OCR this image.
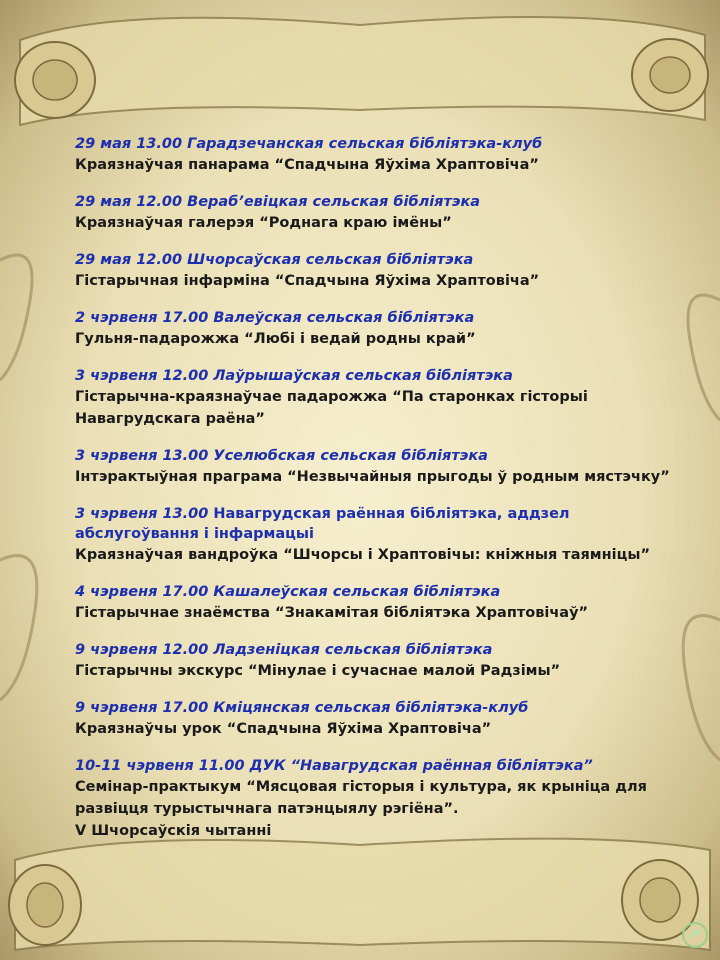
29 мая 13.00 Гарадзечанская сельская бібліятэка-клуб
Краязнаўчая панарама “Спадчына Яўхіма Храптовіча”
29 мая 12.00 Вераб’евіцкая сельская бібліятэка
Краязнаўчая галерэя “Роднага краю імёны”
29 мая 12.00 Шчорсаўская сельская бібліятэка
Гістарычная інфарміна “Спадчына Яўхіма Храптовіча”
2 чэрвеня 17.00 Валеўская сельская бібліятэка
Гульня-падарожжа “Любі і ведай родны край”
3 чэрвеня 12.00 Лаўрышаўская сельская бібліятэка
Гістарычна-краязнаўчае падарожжа “Па старонках гісторыі Навагрудскага раёна”
3 чэрвеня 13.00 Уселюбская сельская бібліятэка
Інтэрактыўная праграма “Незвычайныя прыгоды ў родным мястэчку”
3 чэрвеня 13.00 Навагрудская раённая бібліятэка, аддзел абслугоўвання і інфармацыі
Краязнаўчая вандроўка “Шчорсы і Храптовічы: кніжныя таямніцы”
4 чэрвеня 17.00 Кашалеўская сельская бібліятэка
Гістарычнае знаёмства “Знакамітая бібліятэка Храптовічаў”
9 чэрвеня 12.00 Ладзеніцкая сельская бібліятэка
Гістарычны экскурс “Мінулае і сучаснае малой Радзімы”
9 чэрвеня 17.00 Кміцянская сельская бібліятэка-клуб
Краязнаўчы урок “Спадчына Яўхіма Храптовіча”
10-11 чэрвеня 11.00 ДУК “Навагрудская раённая бібліятэка”
Семінар-практыкум “Мясцовая гісторыя і культура, як крыніца для развіцця турыстычнага патэнцыялу рэгіёна”.
V Шчорсаўскія чытанні
